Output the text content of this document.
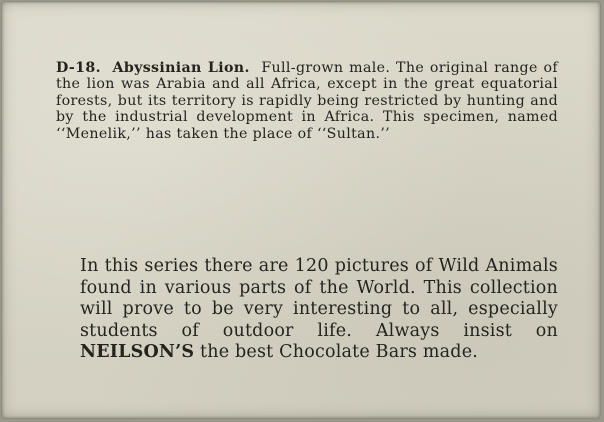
D-18. Abyssinian Lion. Full-grown male. The original range of the lion was Arabia and all Africa, except in the great equatorial forests, but its territory is rapidly being restricted by hunting and by the industrial development in Africa. This specimen, named ‘‘Menelik,’’ has taken the place of ‘‘Sultan.’’

In this series there are 120 pictures of Wild Animals found in various parts of the World. This collection will prove to be very interesting to all, especially students of outdoor life. Always insist on NEILSON’S the best Chocolate Bars made.
